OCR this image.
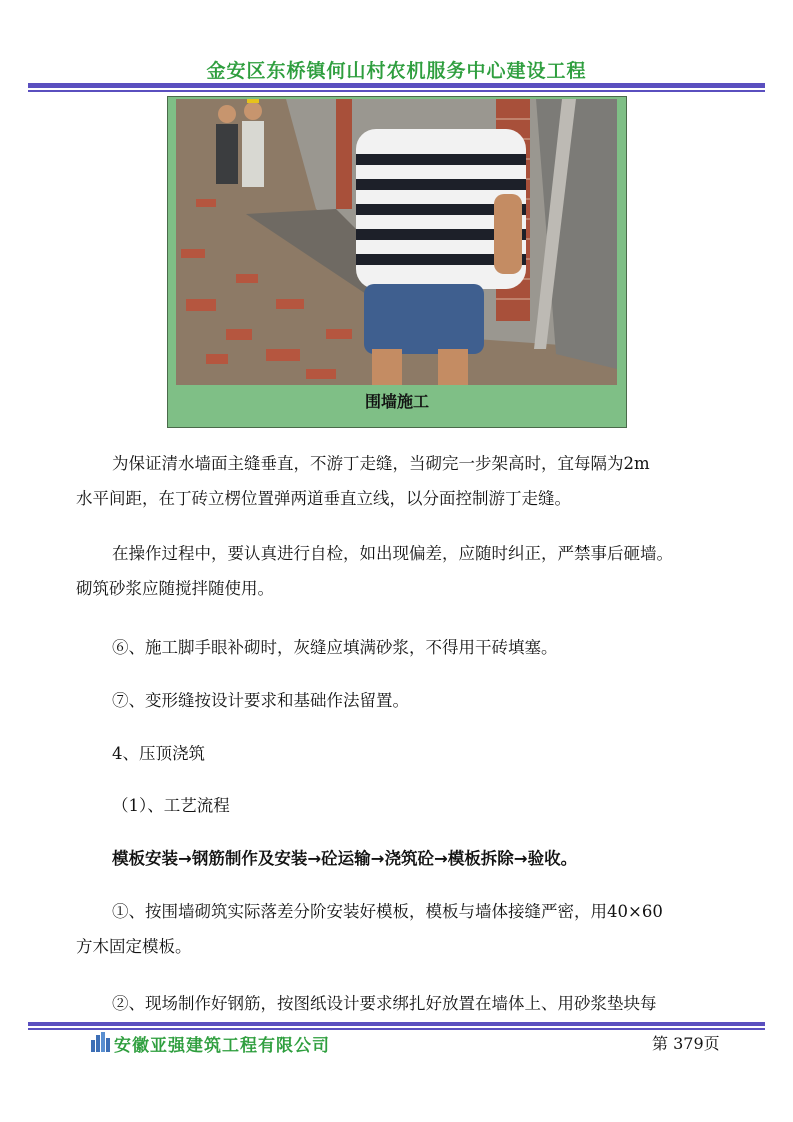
金安区东桥镇何山村农机服务中心建设工程
围墙施工
为保证清水墙面主缝垂直，不游丁走缝，当砌完一步架高时，宜每隔为2m
水平间距，在丁砖立楞位置弹两道垂直立线，以分面控制游丁走缝。
在操作过程中，要认真进行自检，如出现偏差，应随时纠正，严禁事后砸墙。
砌筑砂浆应随搅拌随使用。
⑥、施工脚手眼补砌时，灰缝应填满砂浆，不得用干砖填塞。
⑦、变形缝按设计要求和基础作法留置。
4、压顶浇筑
（1）、工艺流程
模板安装→钢筋制作及安装→砼运输→浇筑砼→模板拆除→验收。
①、按围墙砌筑实际落差分阶安装好模板，模板与墙体接缝严密，用40×60
方木固定模板。
②、现场制作好钢筋，按图纸设计要求绑扎好放置在墙体上、用砂浆垫块每
安徽亚强建筑工程有限公司	第 379页
